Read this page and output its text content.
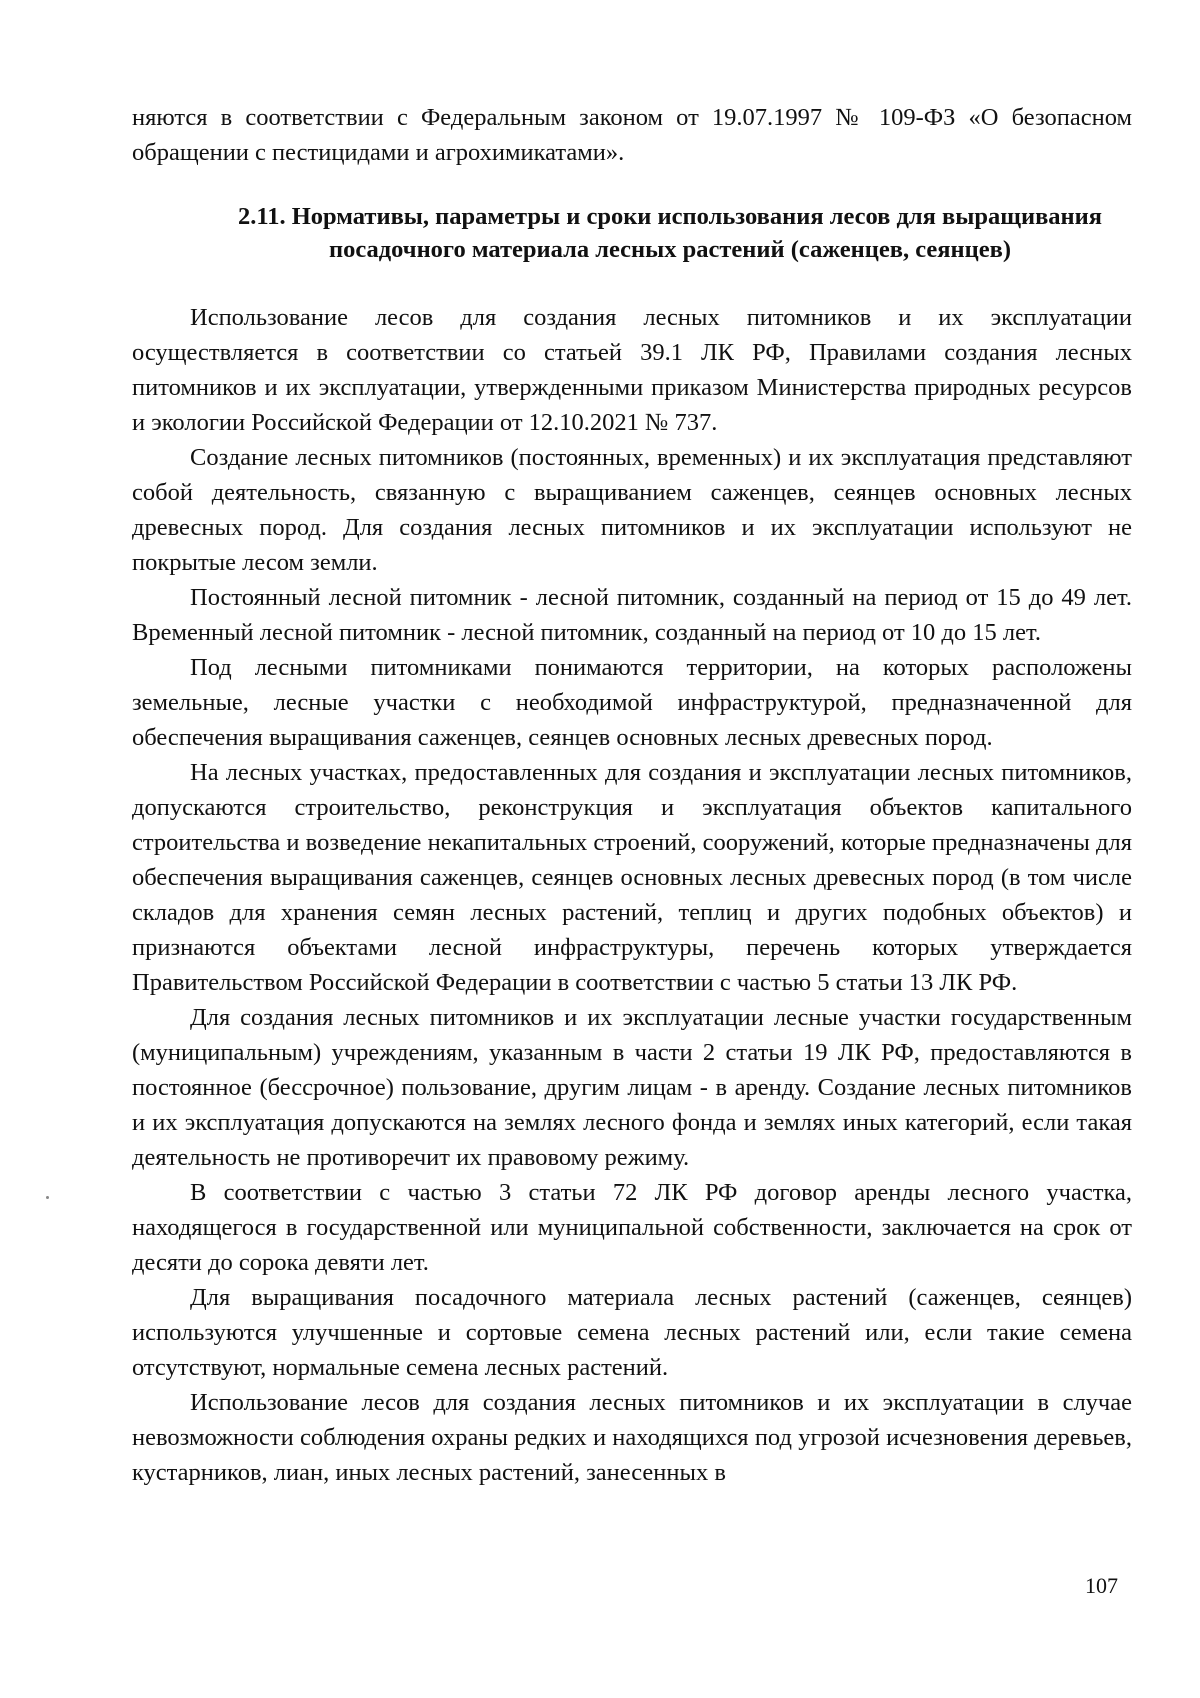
няются в соответствии с Федеральным законом от 19.07.1997 № 109-ФЗ «О безопасном обращении с пестицидами и агрохимикатами».

2.11. Нормативы, параметры и сроки использования лесов для выращивания посадочного материала лесных растений (саженцев, сеянцев)

Использование лесов для создания лесных питомников и их эксплуатации осуществляется в соответствии со статьей 39.1 ЛК РФ, Правилами создания лесных питомников и их эксплуатации, утвержденными приказом Министерства природных ресурсов и экологии Российской Федерации от 12.10.2021 № 737.

Создание лесных питомников (постоянных, временных) и их эксплуатация представляют собой деятельность, связанную с выращиванием саженцев, сеянцев основных лесных древесных пород. Для создания лесных питомников и их эксплуатации используют не покрытые лесом земли.

Постоянный лесной питомник - лесной питомник, созданный на период от 15 до 49 лет. Временный лесной питомник - лесной питомник, созданный на период от 10 до 15 лет.

Под лесными питомниками понимаются территории, на которых расположены земельные, лесные участки с необходимой инфраструктурой, предназначенной для обеспечения выращивания саженцев, сеянцев основных лесных древесных пород.

На лесных участках, предоставленных для создания и эксплуатации лесных питомников, допускаются строительство, реконструкция и эксплуатация объектов капитального строительства и возведение некапитальных строений, сооружений, которые предназначены для обеспечения выращивания саженцев, сеянцев основных лесных древесных пород (в том числе складов для хранения семян лесных растений, теплиц и других подобных объектов) и признаются объектами лесной инфраструктуры, перечень которых утверждается Правительством Российской Федерации в соответствии с частью 5 статьи 13 ЛК РФ.

Для создания лесных питомников и их эксплуатации лесные участки государственным (муниципальным) учреждениям, указанным в части 2 статьи 19 ЛК РФ, предоставляются в постоянное (бессрочное) пользование, другим лицам - в аренду. Создание лесных питомников и их эксплуатация допускаются на землях лесного фонда и землях иных категорий, если такая деятельность не противоречит их правовому режиму.

В соответствии с частью 3 статьи 72 ЛК РФ договор аренды лесного участка, находящегося в государственной или муниципальной собственности, заключается на срок от десяти до сорока девяти лет.

Для выращивания посадочного материала лесных растений (саженцев, сеянцев) используются улучшенные и сортовые семена лесных растений или, если такие семена отсутствуют, нормальные семена лесных растений.

Использование лесов для создания лесных питомников и их эксплуатации в случае невозможности соблюдения охраны редких и находящихся под угрозой исчезновения деревьев, кустарников, лиан, иных лесных растений, занесенных в

107
